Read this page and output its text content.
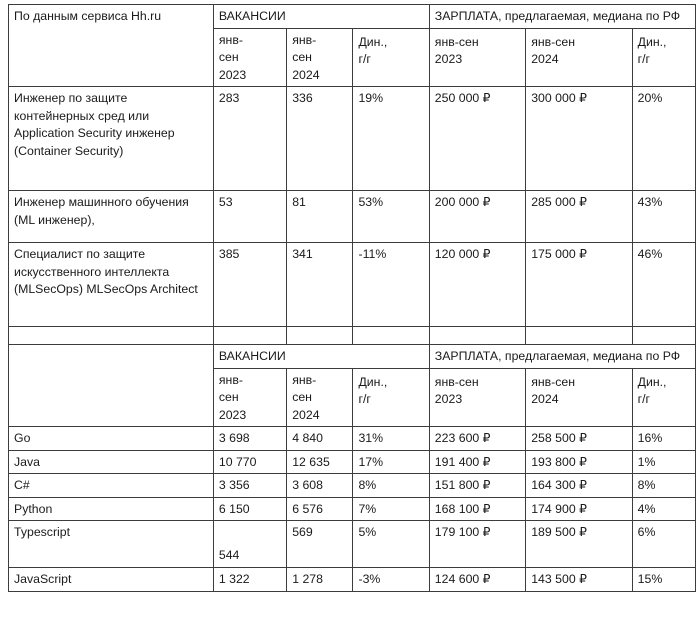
По данным сервиса Hh.ru	ВАКАНСИИ			ЗАРПЛАТА, предлагаемая, медиана по РФ		
	янв-
сен
2023	янв-
сен
2024	Дин.,
г/г	янв-сен
2023	янв-сен
2024	Дин.,
г/г
Инженер по защите контейнерных сред или Application Security инженер (Container Security)	283	336	19%	250 000 ₽	300 000 ₽	20%
Инженер машинного обучения (ML инженер),	53	81	53%	200 000 ₽	285 000 ₽	43%
Специалист по защите искусственного интеллекта (MLSecOps) MLSecOps Architect	385	341	-11%	120 000 ₽	175 000 ₽	46%

	ВАКАНСИИ			ЗАРПЛАТА, предлагаемая, медиана по РФ		
	янв-
сен
2023	янв-
сен
2024	Дин.,
г/г	янв-сен
2023	янв-сен
2024	Дин.,
г/г
Go	3 698	4 840	31%	223 600 ₽	258 500 ₽	16%
Java	10 770	12 635	17%	191 400 ₽	193 800 ₽	1%
C#	3 356	3 608	8%	151 800 ₽	164 300 ₽	8%
Python	6 150	6 576	7%	168 100 ₽	174 900 ₽	4%
Typescript	544	569	5%	179 100 ₽	189 500 ₽	6%
JavaScript	1 322	1 278	-3%	124 600 ₽	143 500 ₽	15%
